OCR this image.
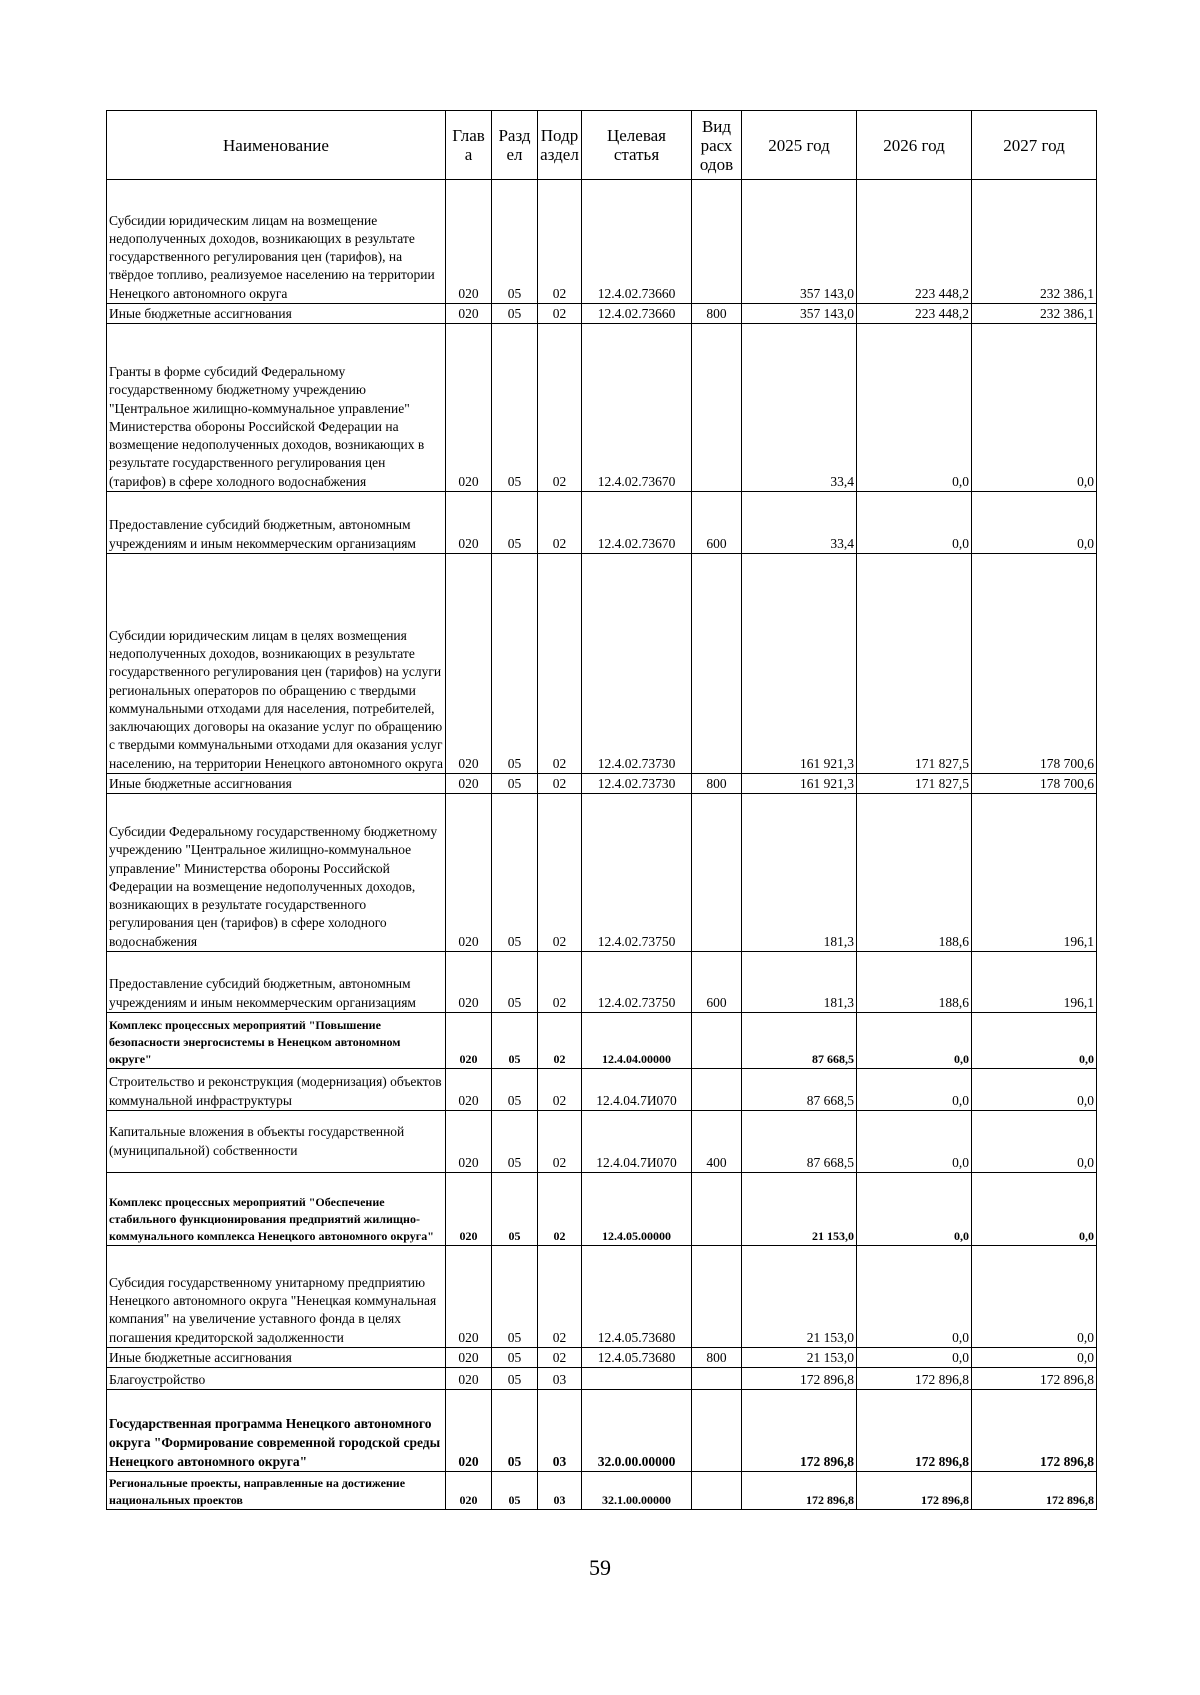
Наименование	Глав а	Разд ел	Подр аздел	Целевая статья	Вид расх одов	2025 год	2026 год	2027 год
Субсидии юридическим лицам на возмещение недополученных доходов, возникающих в результате государственного регулирования цен (тарифов), на твёрдое топливо, реализуемое населению на территории Ненецкого автономного округа	020	05	02	12.4.02.73660		357 143,0	223 448,2	232 386,1
Иные бюджетные ассигнования	020	05	02	12.4.02.73660	800	357 143,0	223 448,2	232 386,1
Гранты в форме субсидий Федеральному государственному бюджетному учреждению "Центральное жилищно-коммунальное управление" Министерства обороны Российской Федерации на возмещение недополученных доходов, возникающих в результате государственного регулирования цен (тарифов) в сфере холодного водоснабжения	020	05	02	12.4.02.73670		33,4	0,0	0,0
Предоставление субсидий бюджетным, автономным учреждениям и иным некоммерческим организациям	020	05	02	12.4.02.73670	600	33,4	0,0	0,0
Субсидии юридическим лицам в целях возмещения недополученных доходов, возникающих в результате государственного регулирования цен (тарифов) на услуги региональных операторов по обращению с твердыми коммунальными отходами для населения, потребителей, заключающих договоры на оказание услуг по обращению с твердыми коммунальными отходами для оказания услуг населению, на территории Ненецкого автономного округа	020	05	02	12.4.02.73730		161 921,3	171 827,5	178 700,6
Иные бюджетные ассигнования	020	05	02	12.4.02.73730	800	161 921,3	171 827,5	178 700,6
Субсидии Федеральному государственному бюджетному учреждению "Центральное жилищно-коммунальное управление" Министерства обороны Российской Федерации на возмещение недополученных доходов, возникающих в результате государственного регулирования цен (тарифов) в сфере холодного водоснабжения	020	05	02	12.4.02.73750		181,3	188,6	196,1
Предоставление субсидий бюджетным, автономным учреждениям и иным некоммерческим организациям	020	05	02	12.4.02.73750	600	181,3	188,6	196,1
Комплекс процессных мероприятий "Повышение безопасности энергосистемы в Ненецком автономном округе"	020	05	02	12.4.04.00000		87 668,5	0,0	0,0
Строительство и реконструкция (модернизация) объектов коммунальной инфраструктуры	020	05	02	12.4.04.7И070		87 668,5	0,0	0,0
Капитальные вложения в объекты государственной (муниципальной) собственности	020	05	02	12.4.04.7И070	400	87 668,5	0,0	0,0
Комплекс процессных мероприятий "Обеспечение стабильного функционирования предприятий жилищно-коммунального комплекса Ненецкого автономного округа"	020	05	02	12.4.05.00000		21 153,0	0,0	0,0
Субсидия государственному унитарному предприятию Ненецкого автономного округа "Ненецкая коммунальная компания" на увеличение уставного фонда в целях погашения кредиторской задолженности	020	05	02	12.4.05.73680		21 153,0	0,0	0,0
Иные бюджетные ассигнования	020	05	02	12.4.05.73680	800	21 153,0	0,0	0,0
Благоустройство	020	05	03			172 896,8	172 896,8	172 896,8
Государственная программа Ненецкого автономного округа "Формирование современной городской среды Ненецкого автономного округа"	020	05	03	32.0.00.00000		172 896,8	172 896,8	172 896,8
Региональные проекты, направленные на достижение национальных проектов	020	05	03	32.1.00.00000		172 896,8	172 896,8	172 896,8
59
